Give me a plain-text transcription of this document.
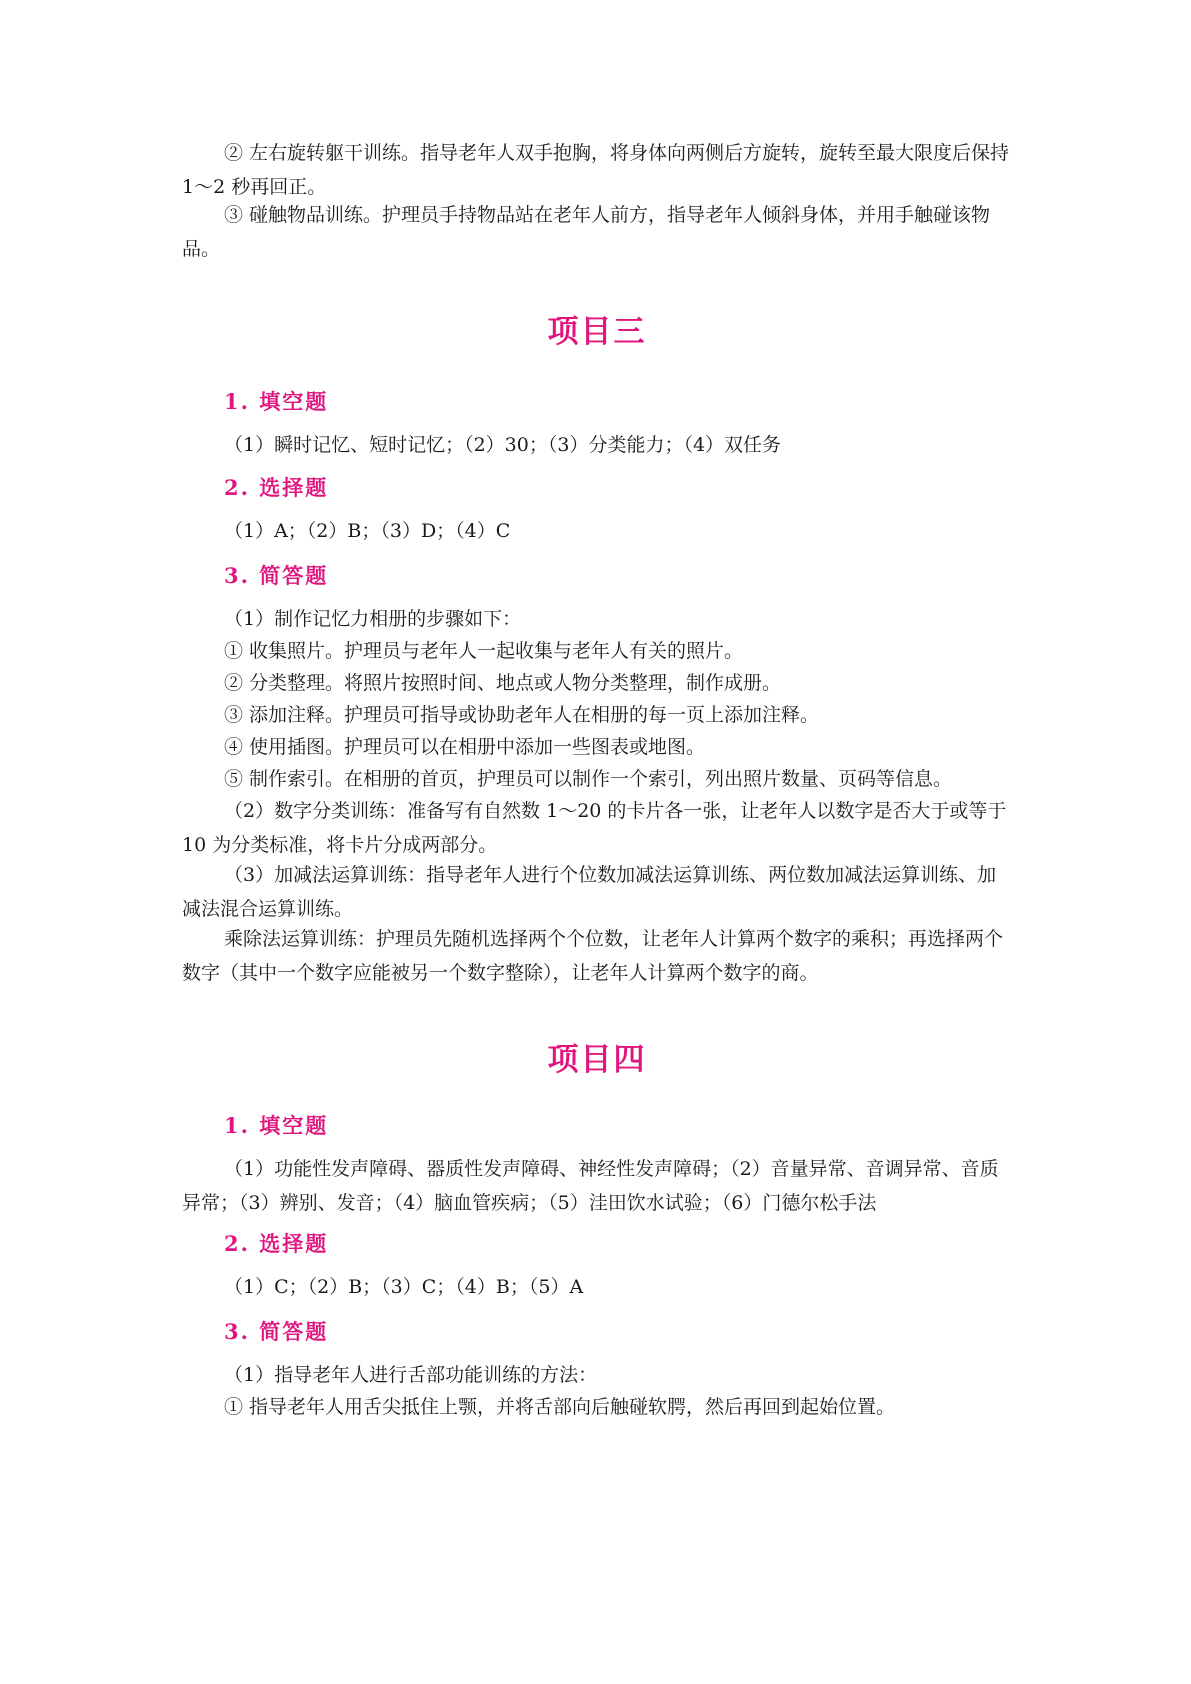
② 左右旋转躯干训练。指导老年人双手抱胸，将身体向两侧后方旋转，旋转至最大限度后保持 1～2 秒再回正。

③ 碰触物品训练。护理员手持物品站在老年人前方，指导老年人倾斜身体，并用手触碰该物品。

项目三
1. 填空题

（1）瞬时记忆、短时记忆；（2）30；（3）分类能力；（4）双任务

2. 选择题

（1）A；（2）B；（3）D；（4）C

3. 简答题

（1）制作记忆力相册的步骤如下：

① 收集照片。护理员与老年人一起收集与老年人有关的照片。

② 分类整理。将照片按照时间、地点或人物分类整理，制作成册。

③ 添加注释。护理员可指导或协助老年人在相册的每一页上添加注释。

④ 使用插图。护理员可以在相册中添加一些图表或地图。

⑤ 制作索引。在相册的首页，护理员可以制作一个索引，列出照片数量、页码等信息。

（2）数字分类训练：准备写有自然数 1～20 的卡片各一张，让老年人以数字是否大于或等于 10 为分类标准，将卡片分成两部分。

（3）加减法运算训练：指导老年人进行个位数加减法运算训练、两位数加减法运算训练、加减法混合运算训练。

乘除法运算训练：护理员先随机选择两个个位数，让老年人计算两个数字的乘积；再选择两个数字（其中一个数字应能被另一个数字整除），让老年人计算两个数字的商。

项目四
1. 填空题

（1）功能性发声障碍、器质性发声障碍、神经性发声障碍；（2）音量异常、音调异常、音质异常；（3）辨别、发音；（4）脑血管疾病；（5）洼田饮水试验；（6）门德尔松手法

2. 选择题

（1）C；（2）B；（3）C；（4）B；（5）A

3. 简答题

（1）指导老年人进行舌部功能训练的方法：

① 指导老年人用舌尖抵住上颚，并将舌部向后触碰软腭，然后再回到起始位置。
